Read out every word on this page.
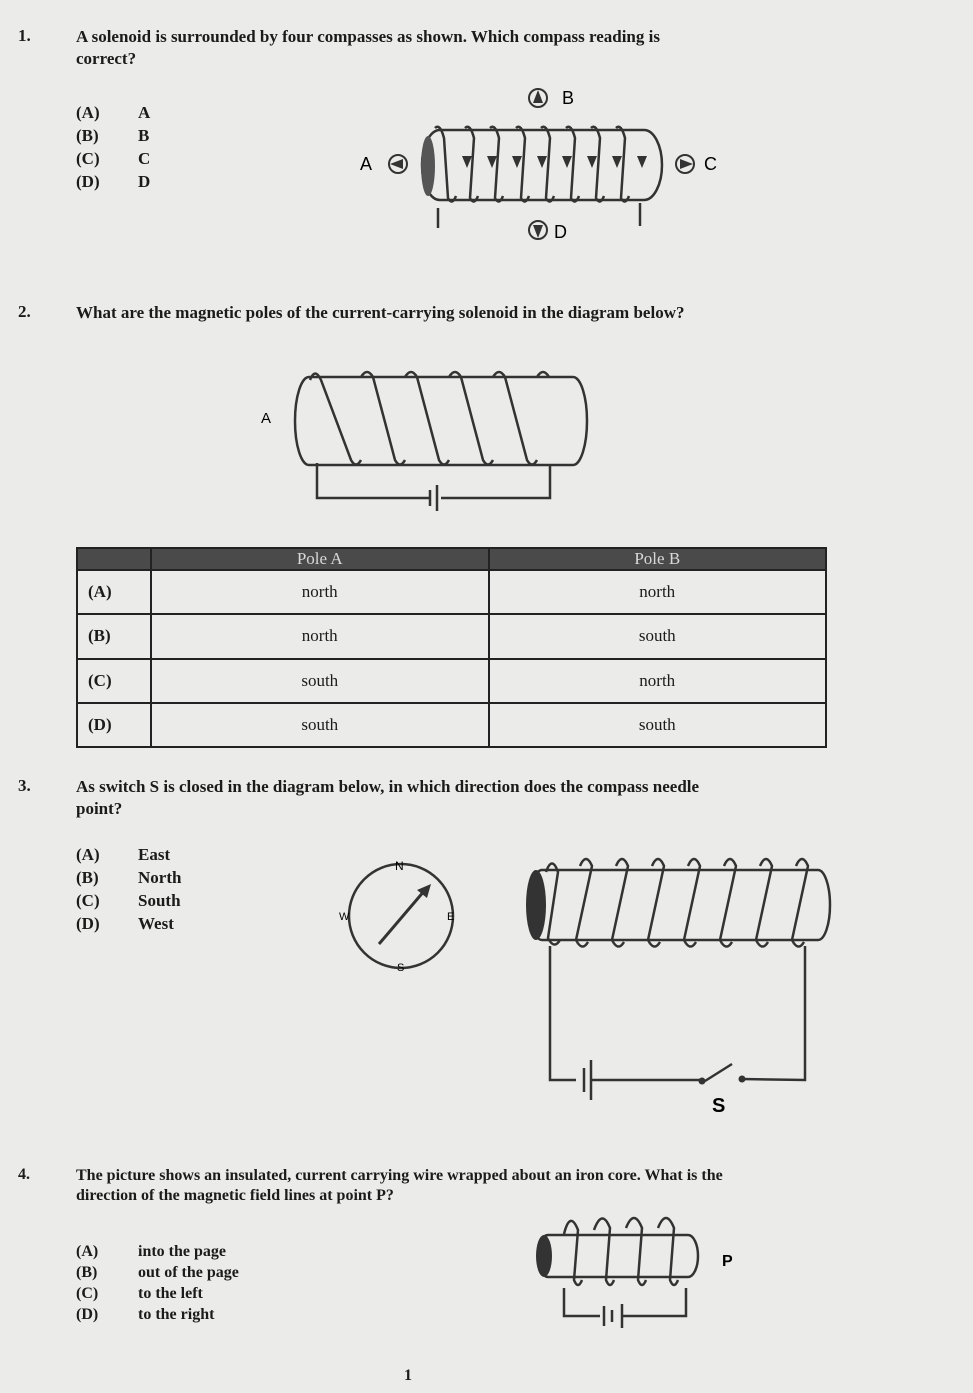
1.	A solenoid is surrounded by four compasses as shown. Which compass reading is
correct?
(A) A
(B) B
(C) C
(D) D
B
A	C
D
2.	What are the magnetic poles of the current-carrying solenoid in the diagram below?
A
	Pole A	Pole B
(A)	north	north
(B)	north	south
(C)	south	north
(D)	south	south
3.	As switch S is closed in the diagram below, in which direction does the compass needle
point?
(A) East
(B) North
(C) South
(D) West
N
S
E
W
S
4.	The picture shows an insulated, current carrying wire wrapped about an iron core. What is the
direction of the magnetic field lines at point P?
(A) into the page
(B)	out of the page
(C) to the left
(D) to the right
P
1
